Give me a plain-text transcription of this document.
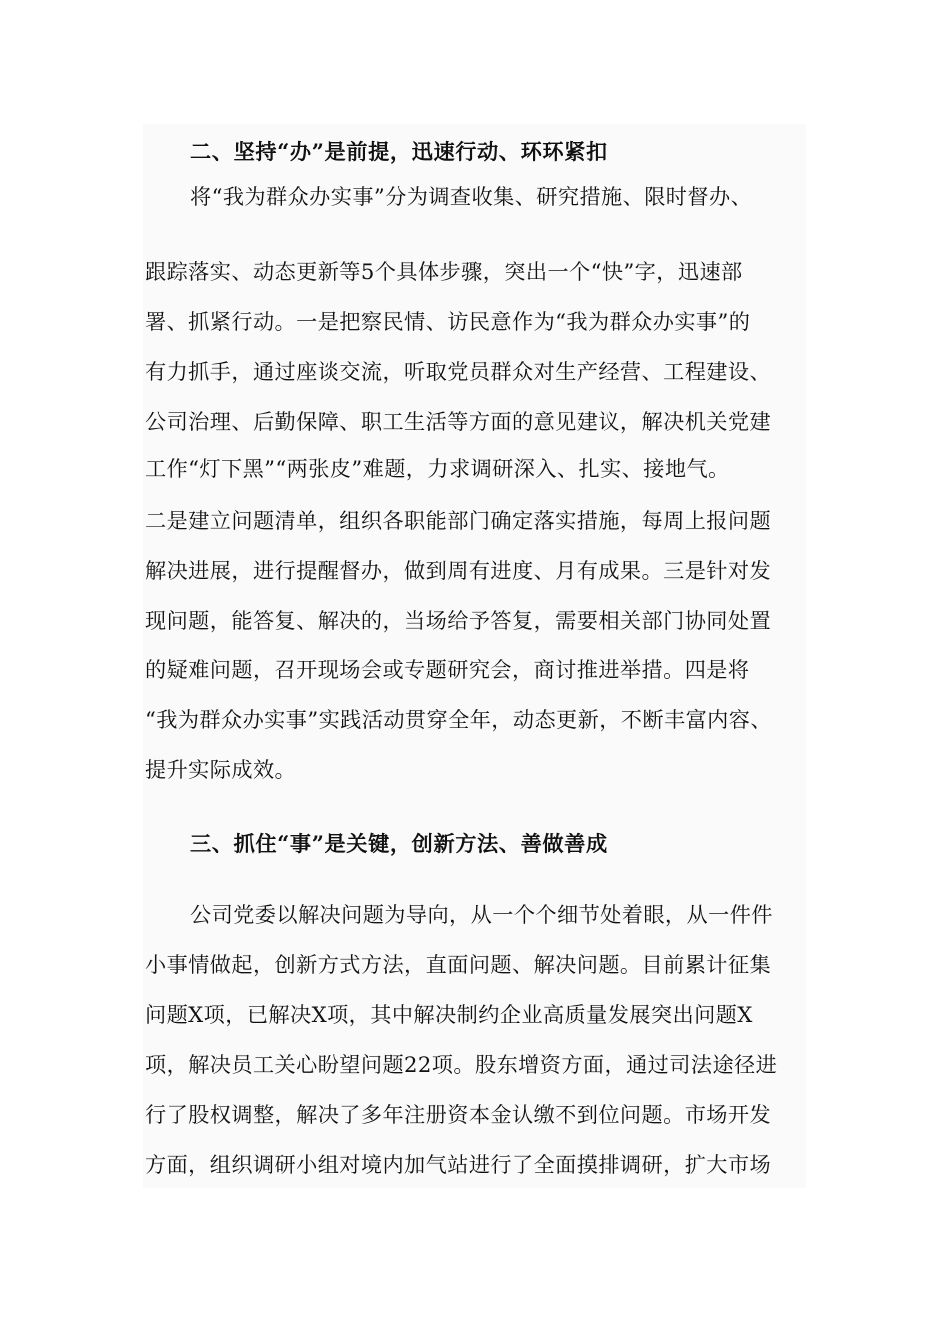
二、坚持“办”是前提，迅速行动、环环紧扣
将“我为群众办实事”分为调查收集、研究措施、限时督办、
跟踪落实、动态更新等5个具体步骤，突出一个“快”字，迅速部
署、抓紧行动。一是把察民情、访民意作为“我为群众办实事”的
有力抓手，通过座谈交流，听取党员群众对生产经营、工程建设、
公司治理、后勤保障、职工生活等方面的意见建议，解决机关党建
工作“灯下黑”“两张皮”难题，力求调研深入、扎实、接地气。
二是建立问题清单，组织各职能部门确定落实措施，每周上报问题
解决进展，进行提醒督办，做到周有进度、月有成果。三是针对发
现问题，能答复、解决的，当场给予答复，需要相关部门协同处置
的疑难问题，召开现场会或专题研究会，商讨推进举措。四是将
“我为群众办实事”实践活动贯穿全年，动态更新，不断丰富内容、
提升实际成效。
三、抓住“事”是关键，创新方法、善做善成
公司党委以解决问题为导向，从一个个细节处着眼，从一件件
小事情做起，创新方式方法，直面问题、解决问题。目前累计征集
问题X项，已解决X项，其中解决制约企业高质量发展突出问题X
项，解决员工关心盼望问题22项。股东增资方面，通过司法途径进
行了股权调整，解决了多年注册资本金认缴不到位问题。市场开发
方面，组织调研小组对境内加气站进行了全面摸排调研，扩大市场
